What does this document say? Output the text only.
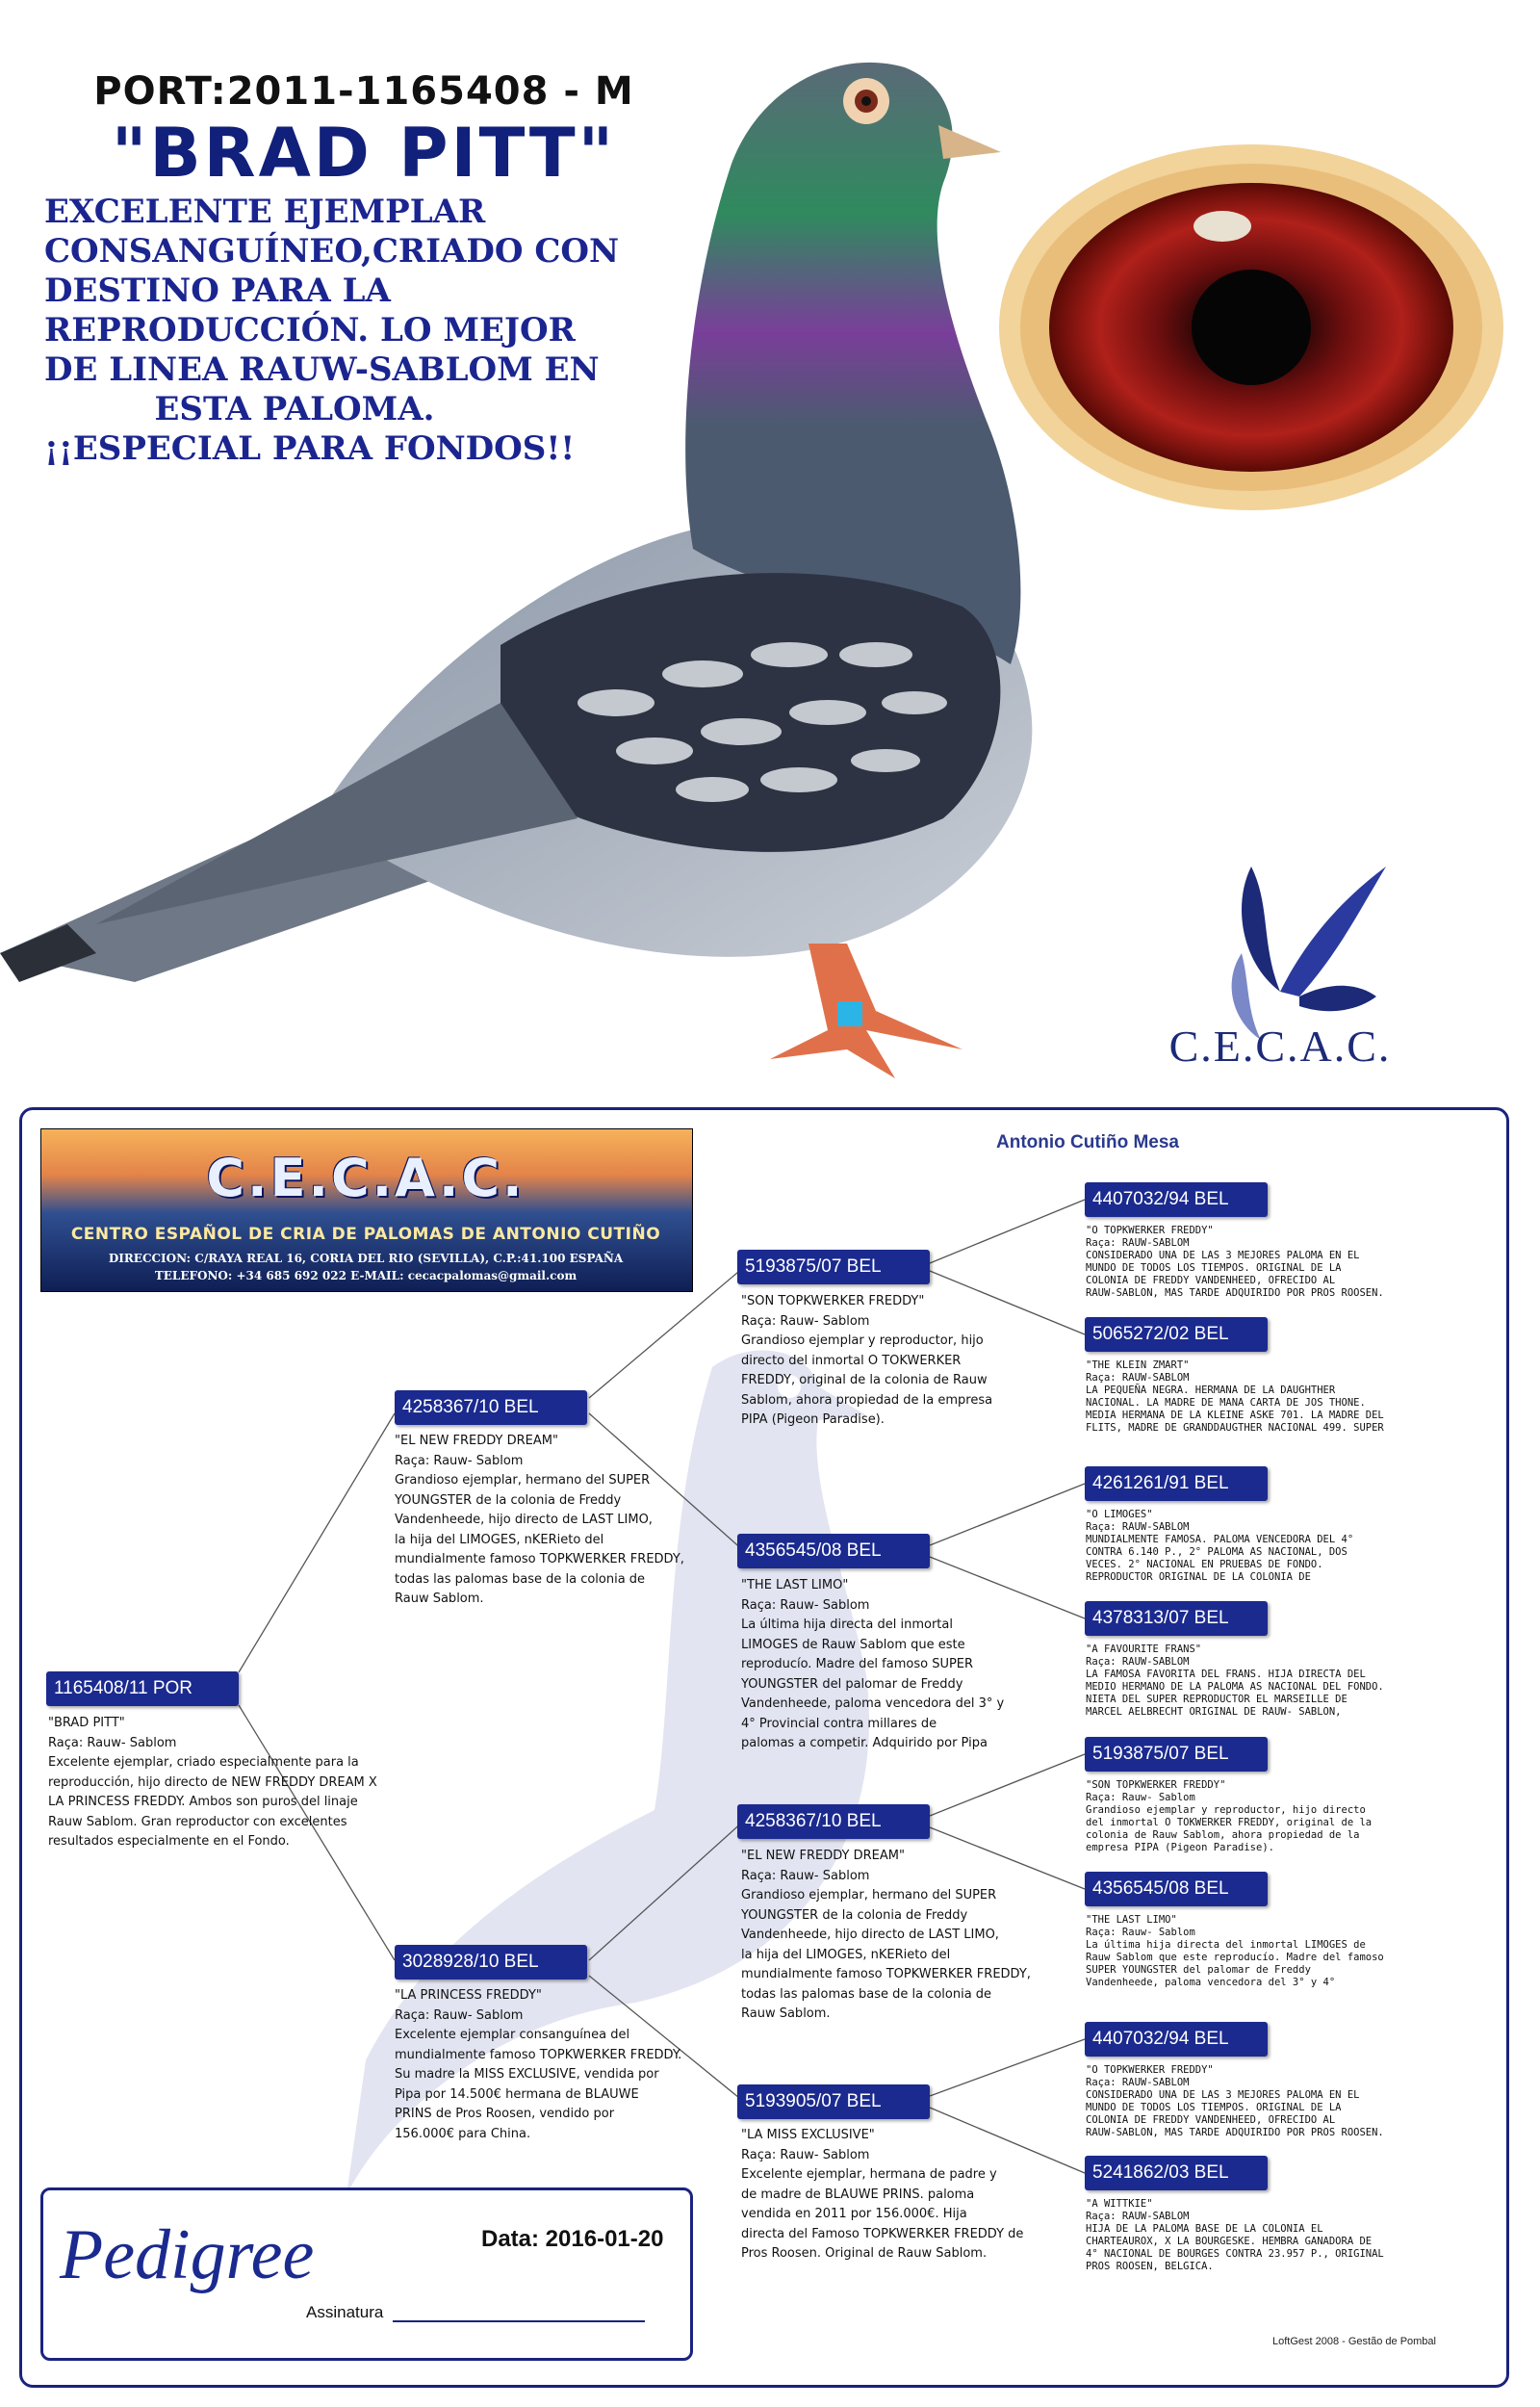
PORT:2011-1165408 - M
"BRAD PITT"
EXCELENTE EJEMPLAR
CONSANGUÍNEO,CRIADO CON
DESTINO PARA LA
REPRODUCCIÓN. LO MEJOR
DE LINEA RAUW-SABLOM EN
ESTA PALOMA.
¡¡ESPECIAL PARA FONDOS!!
C.E.C.A.C.
C.E.C.A.C.
CENTRO ESPAÑOL DE CRIA DE PALOMAS DE ANTONIO CUTIÑO
DIRECCION: C/RAYA REAL 16, CORIA DEL RIO (SEVILLA), C.P.:41.100 ESPAÑA
TELEFONO: +34 685 692 022 E-MAIL: cecacpalomas@gmail.com
Antonio Cutiño Mesa
1165408/11 POR
"BRAD PITT"
Raça: Rauw- Sablom
Excelente ejemplar, criado especialmente para la
reproducción, hijo directo de NEW FREDDY DREAM X
LA PRINCESS FREDDY. Ambos son puros del linaje
Rauw Sablom. Gran reproductor con excelentes
resultados especialmente en el Fondo.
4258367/10 BEL
"EL NEW FREDDY DREAM"
Raça: Rauw- Sablom
Grandioso ejemplar, hermano del SUPER
YOUNGSTER de la colonia de Freddy
Vandenheede, hijo directo de LAST LIMO,
la hija del LIMOGES, nKERieto del
mundialmente famoso TOPKWERKER FREDDY,
todas las palomas base de la colonia de
Rauw Sablom.
3028928/10 BEL
"LA PRINCESS FREDDY"
Raça: Rauw- Sablom
Excelente ejemplar consanguínea del
mundialmente famoso TOPKWERKER FREDDY.
Su madre la MISS EXCLUSIVE, vendida por
Pipa por 14.500€ hermana de BLAUWE
PRINS de Pros Roosen, vendido por
156.000€ para China.
5193875/07 BEL
"SON TOPKWERKER FREDDY"
Raça: Rauw- Sablom
Grandioso ejemplar y reproductor, hijo
directo del inmortal O TOKWERKER
FREDDY, original de la colonia de Rauw
Sablom, ahora propiedad de la empresa
PIPA (Pigeon Paradise).
4356545/08 BEL
"THE LAST LIMO"
Raça: Rauw- Sablom
La última hija directa del inmortal
LIMOGES de Rauw Sablom que este
reproducío. Madre del famoso SUPER
YOUNGSTER del palomar de Freddy
Vandenheede, paloma vencedora del 3° y
4° Provincial contra millares de
palomas a competir. Adquirido por Pipa
4258367/10 BEL
"EL NEW FREDDY DREAM"
Raça: Rauw- Sablom
Grandioso ejemplar, hermano del SUPER
YOUNGSTER de la colonia de Freddy
Vandenheede, hijo directo de LAST LIMO,
la hija del LIMOGES, nKERieto del
mundialmente famoso TOPKWERKER FREDDY,
todas las palomas base de la colonia de
Rauw Sablom.
5193905/07 BEL
"LA MISS EXCLUSIVE"
Raça: Rauw- Sablom
Excelente ejemplar, hermana de padre y
de madre de BLAUWE PRINS. paloma
vendida en 2011 por 156.000€. Hija
directa del Famoso TOPKWERKER FREDDY de
Pros Roosen. Original de Rauw Sablom.
4407032/94 BEL
"O TOPKWERKER FREDDY"
Raça: RAUW-SABLOM
CONSIDERADO UNA DE LAS 3 MEJORES PALOMA EN EL
MUNDO DE TODOS LOS TIEMPOS. ORIGINAL DE LA
COLONIA DE FREDDY VANDENHEED, OFRECIDO AL
RAUW-SABLON, MAS TARDE ADQUIRIDO POR PROS ROOSEN.
5065272/02 BEL
"THE KLEIN ZMART"
Raça: RAUW-SABLOM
LA PEQUEÑA NEGRA. HERMANA DE LA DAUGHTHER
NACIONAL. LA MADRE DE MANA CARTA DE JOS THONE.
MEDIA HERMANA DE LA KLEINE ASKE 701. LA MADRE DEL
FLITS, MADRE DE GRANDDAUGTHER NACIONAL 499. SUPER
4261261/91 BEL
"O LIMOGES"
Raça: RAUW-SABLOM
MUNDIALMENTE FAMOSA. PALOMA VENCEDORA DEL 4°
CONTRA 6.140 P., 2° PALOMA AS NACIONAL, DOS
VECES. 2° NACIONAL EN PRUEBAS DE FONDO.
REPRODUCTOR ORIGINAL DE LA COLONIA DE
4378313/07 BEL
"A FAVOURITE FRANS"
Raça: RAUW-SABLOM
LA FAMOSA FAVORITA DEL FRANS. HIJA DIRECTA DEL
MEDIO HERMANO DE LA PALOMA AS NACIONAL DEL FONDO.
NIETA DEL SUPER REPRODUCTOR EL MARSEILLE DE
MARCEL AELBRECHT ORIGINAL DE RAUW- SABLON,
5193875/07 BEL
"SON TOPKWERKER FREDDY"
Raça: Rauw- Sablom
Grandioso ejemplar y reproductor, hijo directo
del inmortal O TOKWERKER FREDDY, original de la
colonia de Rauw Sablom, ahora propiedad de la
empresa PIPA (Pigeon Paradise).
4356545/08 BEL
"THE LAST LIMO"
Raça: Rauw- Sablom
La última hija directa del inmortal LIMOGES de
Rauw Sablom que este reproducío. Madre del famoso
SUPER YOUNGSTER del palomar de Freddy
Vandenheede, paloma vencedora del 3° y 4°
4407032/94 BEL
"O TOPKWERKER FREDDY"
Raça: RAUW-SABLOM
CONSIDERADO UNA DE LAS 3 MEJORES PALOMA EN EL
MUNDO DE TODOS LOS TIEMPOS. ORIGINAL DE LA
COLONIA DE FREDDY VANDENHEED, OFRECIDO AL
RAUW-SABLON, MAS TARDE ADQUIRIDO POR PROS ROOSEN.
5241862/03 BEL
"A WITTKIE"
Raça: RAUW-SABLOM
HIJA DE LA PALOMA BASE DE LA COLONIA EL
CHARTEAUROX, X LA BOURGESKE. HEMBRA GANADORA DE
4° NACIONAL DE BOURGES CONTRA 23.957 P., ORIGINAL
PROS ROOSEN, BELGICA.
Pedigree	Data: 2016-01-20
Assinatura
LoftGest 2008 - Gestão de Pombal
